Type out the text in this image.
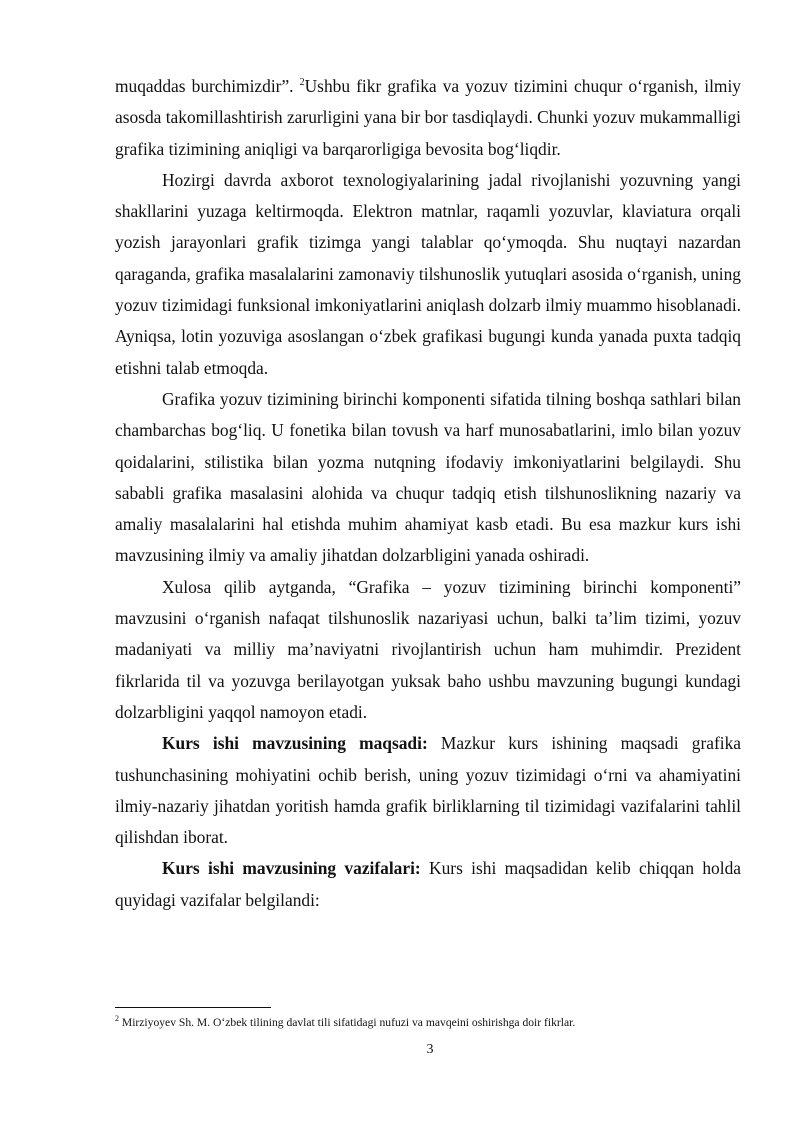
muqaddas burchimizdir”. $^2$Ushbu fikr grafika va yozuv tizimini chuqur o‘rganish, ilmiy asosda takomillashtirish zarurligini yana bir bor tasdiqlaydi. Chunki yozuv mukammalligi grafika tizimining aniqligi va barqarorligiga bevosita bog‘liqdir.

Hozirgi davrda axborot texnologiyalarining jadal rivojlanishi yozuvning yangi shakllarini yuzaga keltirmoqda. Elektron matnlar, raqamli yozuvlar, klaviatura orqali yozish jarayonlari grafik tizimga yangi talablar qo‘ymoqda. Shu nuqtayi nazardan qaraganda, grafika masalalarini zamonaviy tilshunoslik yutuqlari asosida o‘rganish, uning yozuv tizimidagi funksional imkoniyatlarini aniqlash dolzarb ilmiy muammo hisoblanadi. Ayniqsa, lotin yozuviga asoslangan o‘zbek grafikasi bugungi kunda yanada puxta tadqiq etishni talab etmoqda.

Grafika yozuv tizimining birinchi komponenti sifatida tilning boshqa sathlari bilan chambarchas bog‘liq. U fonetika bilan tovush va harf munosabatlarini, imlo bilan yozuv qoidalarini, stilistika bilan yozma nutqning ifodaviy imkoniyatlarini belgilaydi. Shu sababli grafika masalasini alohida va chuqur tadqiq etish tilshunoslikning nazariy va amaliy masalalarini hal etishda muhim ahamiyat kasb etadi. Bu esa mazkur kurs ishi mavzusining ilmiy va amaliy jihatdan dolzarbligini yanada oshiradi.

Xulosa qilib aytganda, “Grafika – yozuv tizimining birinchi komponenti” mavzusini o‘rganish nafaqat tilshunoslik nazariyasi uchun, balki ta’lim tizimi, yozuv madaniyati va milliy ma’naviyatni rivojlantirish uchun ham muhimdir. Prezident fikrlarida til va yozuvga berilayotgan yuksak baho ushbu mavzuning bugungi kundagi dolzarbligini yaqqol namoyon etadi.

Kurs ishi mavzusining maqsadi: Mazkur kurs ishining maqsadi grafika tushunchasining mohiyatini ochib berish, uning yozuv tizimidagi o‘rni va ahamiyatini ilmiy-nazariy jihatdan yoritish hamda grafik birliklarning til tizimidagi vazifalarini tahlil qilishdan iborat.

Kurs ishi mavzusining vazifalari: Kurs ishi maqsadidan kelib chiqqan holda quyidagi vazifalar belgilandi:

$^2$ Mirziyoyev Sh. M. O‘zbek tilining davlat tili sifatidagi nufuzi va mavqeini oshirishga doir fikrlar.
3
